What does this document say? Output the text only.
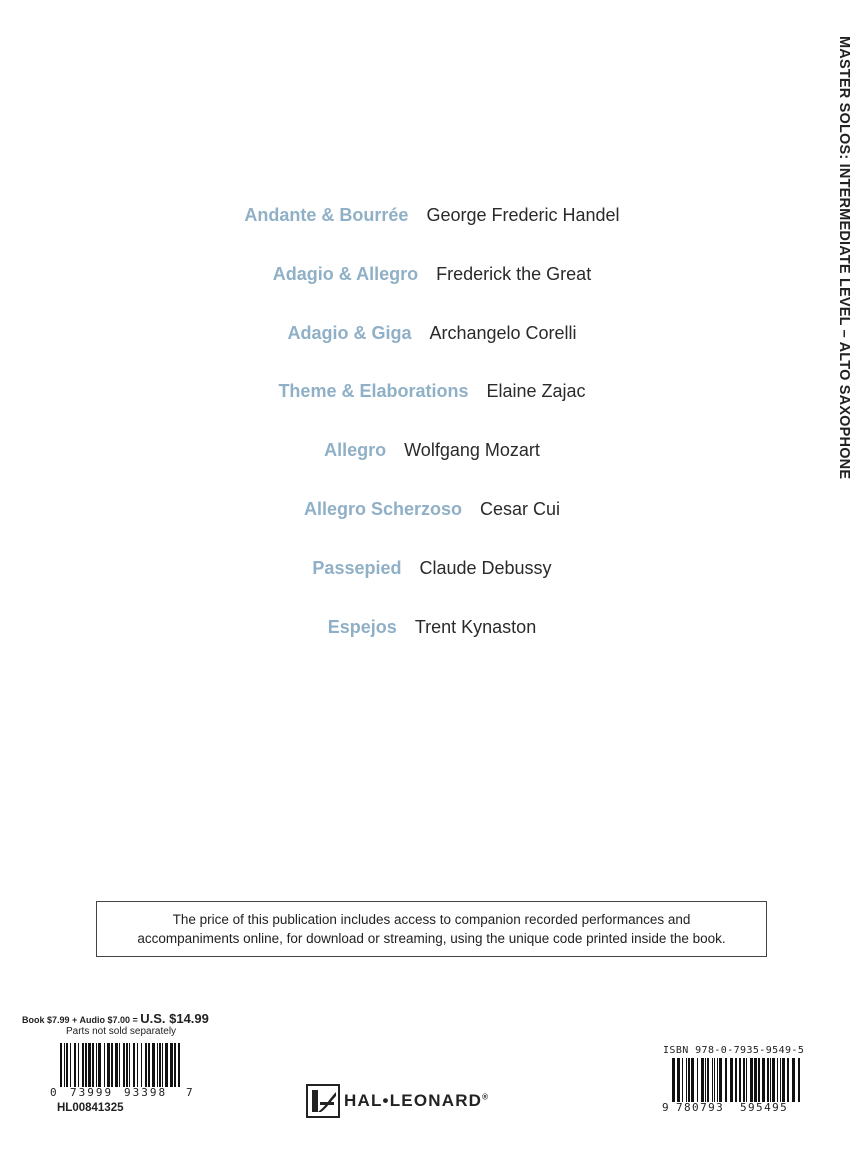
MASTER SOLOS: INTERMEDIATE LEVEL – ALTO SAXOPHONE
Andante & Bourrée George Frederic Handel
Adagio & Allegro Frederick the Great
Adagio & Giga Archangelo Corelli
Theme & Elaborations Elaine Zajac
Allegro Wolfgang Mozart
Allegro Scherzoso Cesar Cui
Passepied Claude Debussy
Espejos Trent Kynaston
The price of this publication includes access to companion recorded performances and
accompaniments online, for download or streaming, using the unique code printed inside the book.
Book $7.99 + Audio $7.00 = U.S. $14.99
Parts not sold separately
0 73999 93398 7
HL00841325	HAL•LEONARD®
ISBN 978-0-7935-9549-5
9 780793 595495
